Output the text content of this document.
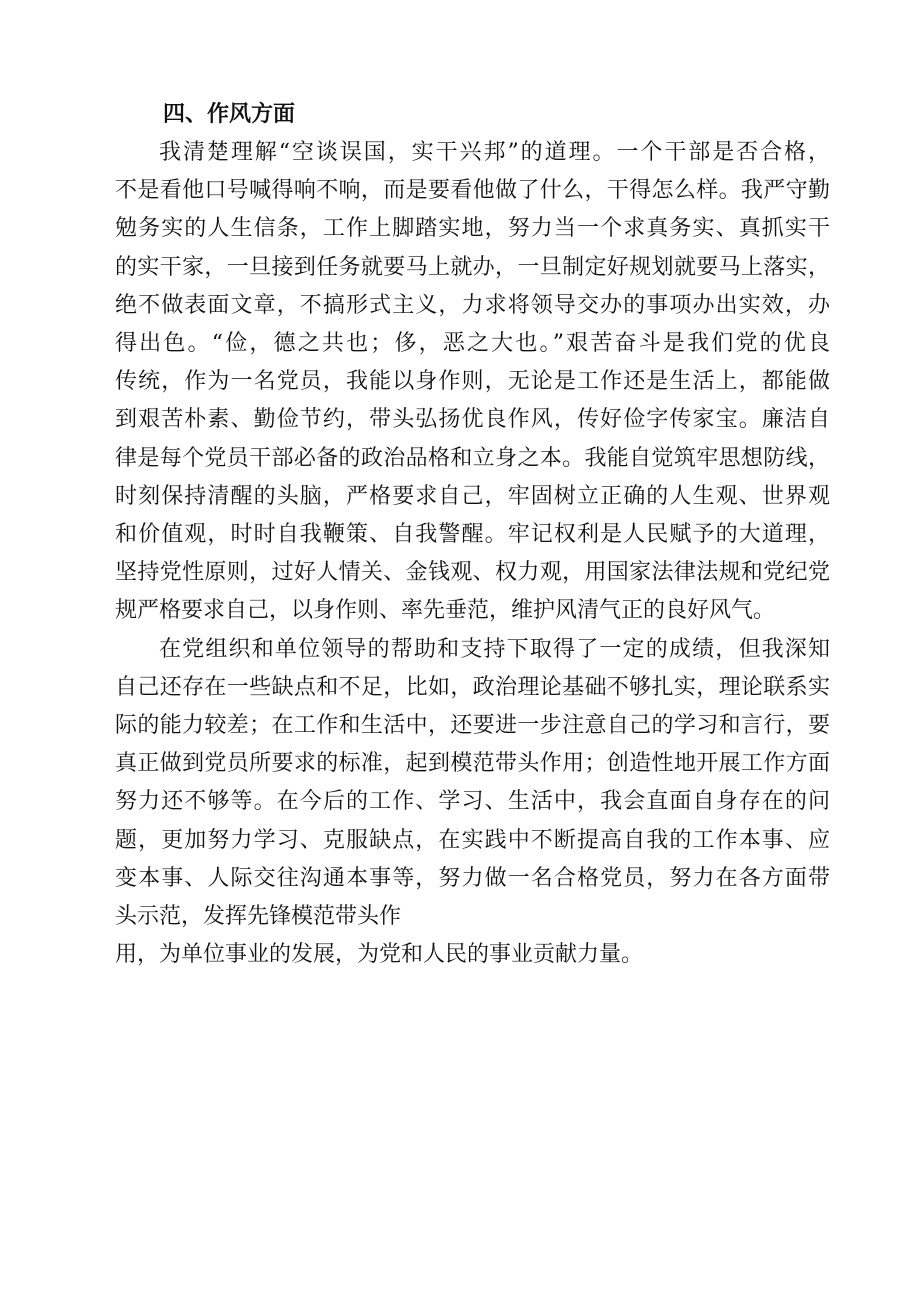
四、作风方面

我清楚理解“空谈误国，实干兴邦”的道理。一个干部是否合格，
不是看他口号喊得响不响，而是要看他做了什么，干得怎么样。我严守勤
勉务实的人生信条，工作上脚踏实地，努力当一个求真务实、真抓实干
的实干家，一旦接到任务就要马上就办，一旦制定好规划就要马上落实，
绝不做表面文章，不搞形式主义，力求将领导交办的事项办出实效，办
得出色。“俭，德之共也；侈，恶之大也。”艰苦奋斗是我们党的优良
传统，作为一名党员，我能以身作则，无论是工作还是生活上，都能做
到艰苦朴素、勤俭节约，带头弘扬优良作风，传好俭字传家宝。廉洁自
律是每个党员干部必备的政治品格和立身之本。我能自觉筑牢思想防线，
时刻保持清醒的头脑，严格要求自己，牢固树立正确的人生观、世界观
和价值观，时时自我鞭策、自我警醒。牢记权利是人民赋予的大道理，
坚持党性原则，过好人情关、金钱观、权力观，用国家法律法规和党纪党
规严格要求自己，以身作则、率先垂范，维护风清气正的良好风气。

在党组织和单位领导的帮助和支持下取得了一定的成绩，但我深知
自己还存在一些缺点和不足，比如，政治理论基础不够扎实，理论联系实
际的能力较差；在工作和生活中，还要进一步注意自己的学习和言行，要
真正做到党员所要求的标准，起到模范带头作用；创造性地开展工作方面
努力还不够等。在今后的工作、学习、生活中，我会直面自身存在的问
题，更加努力学习、克服缺点，在实践中不断提高自我的工作本事、应
变本事、人际交往沟通本事等，努力做一名合格党员，努力在各方面带
头示范，发挥先锋模范带头作
用，为单位事业的发展，为党和人民的事业贡献力量。
